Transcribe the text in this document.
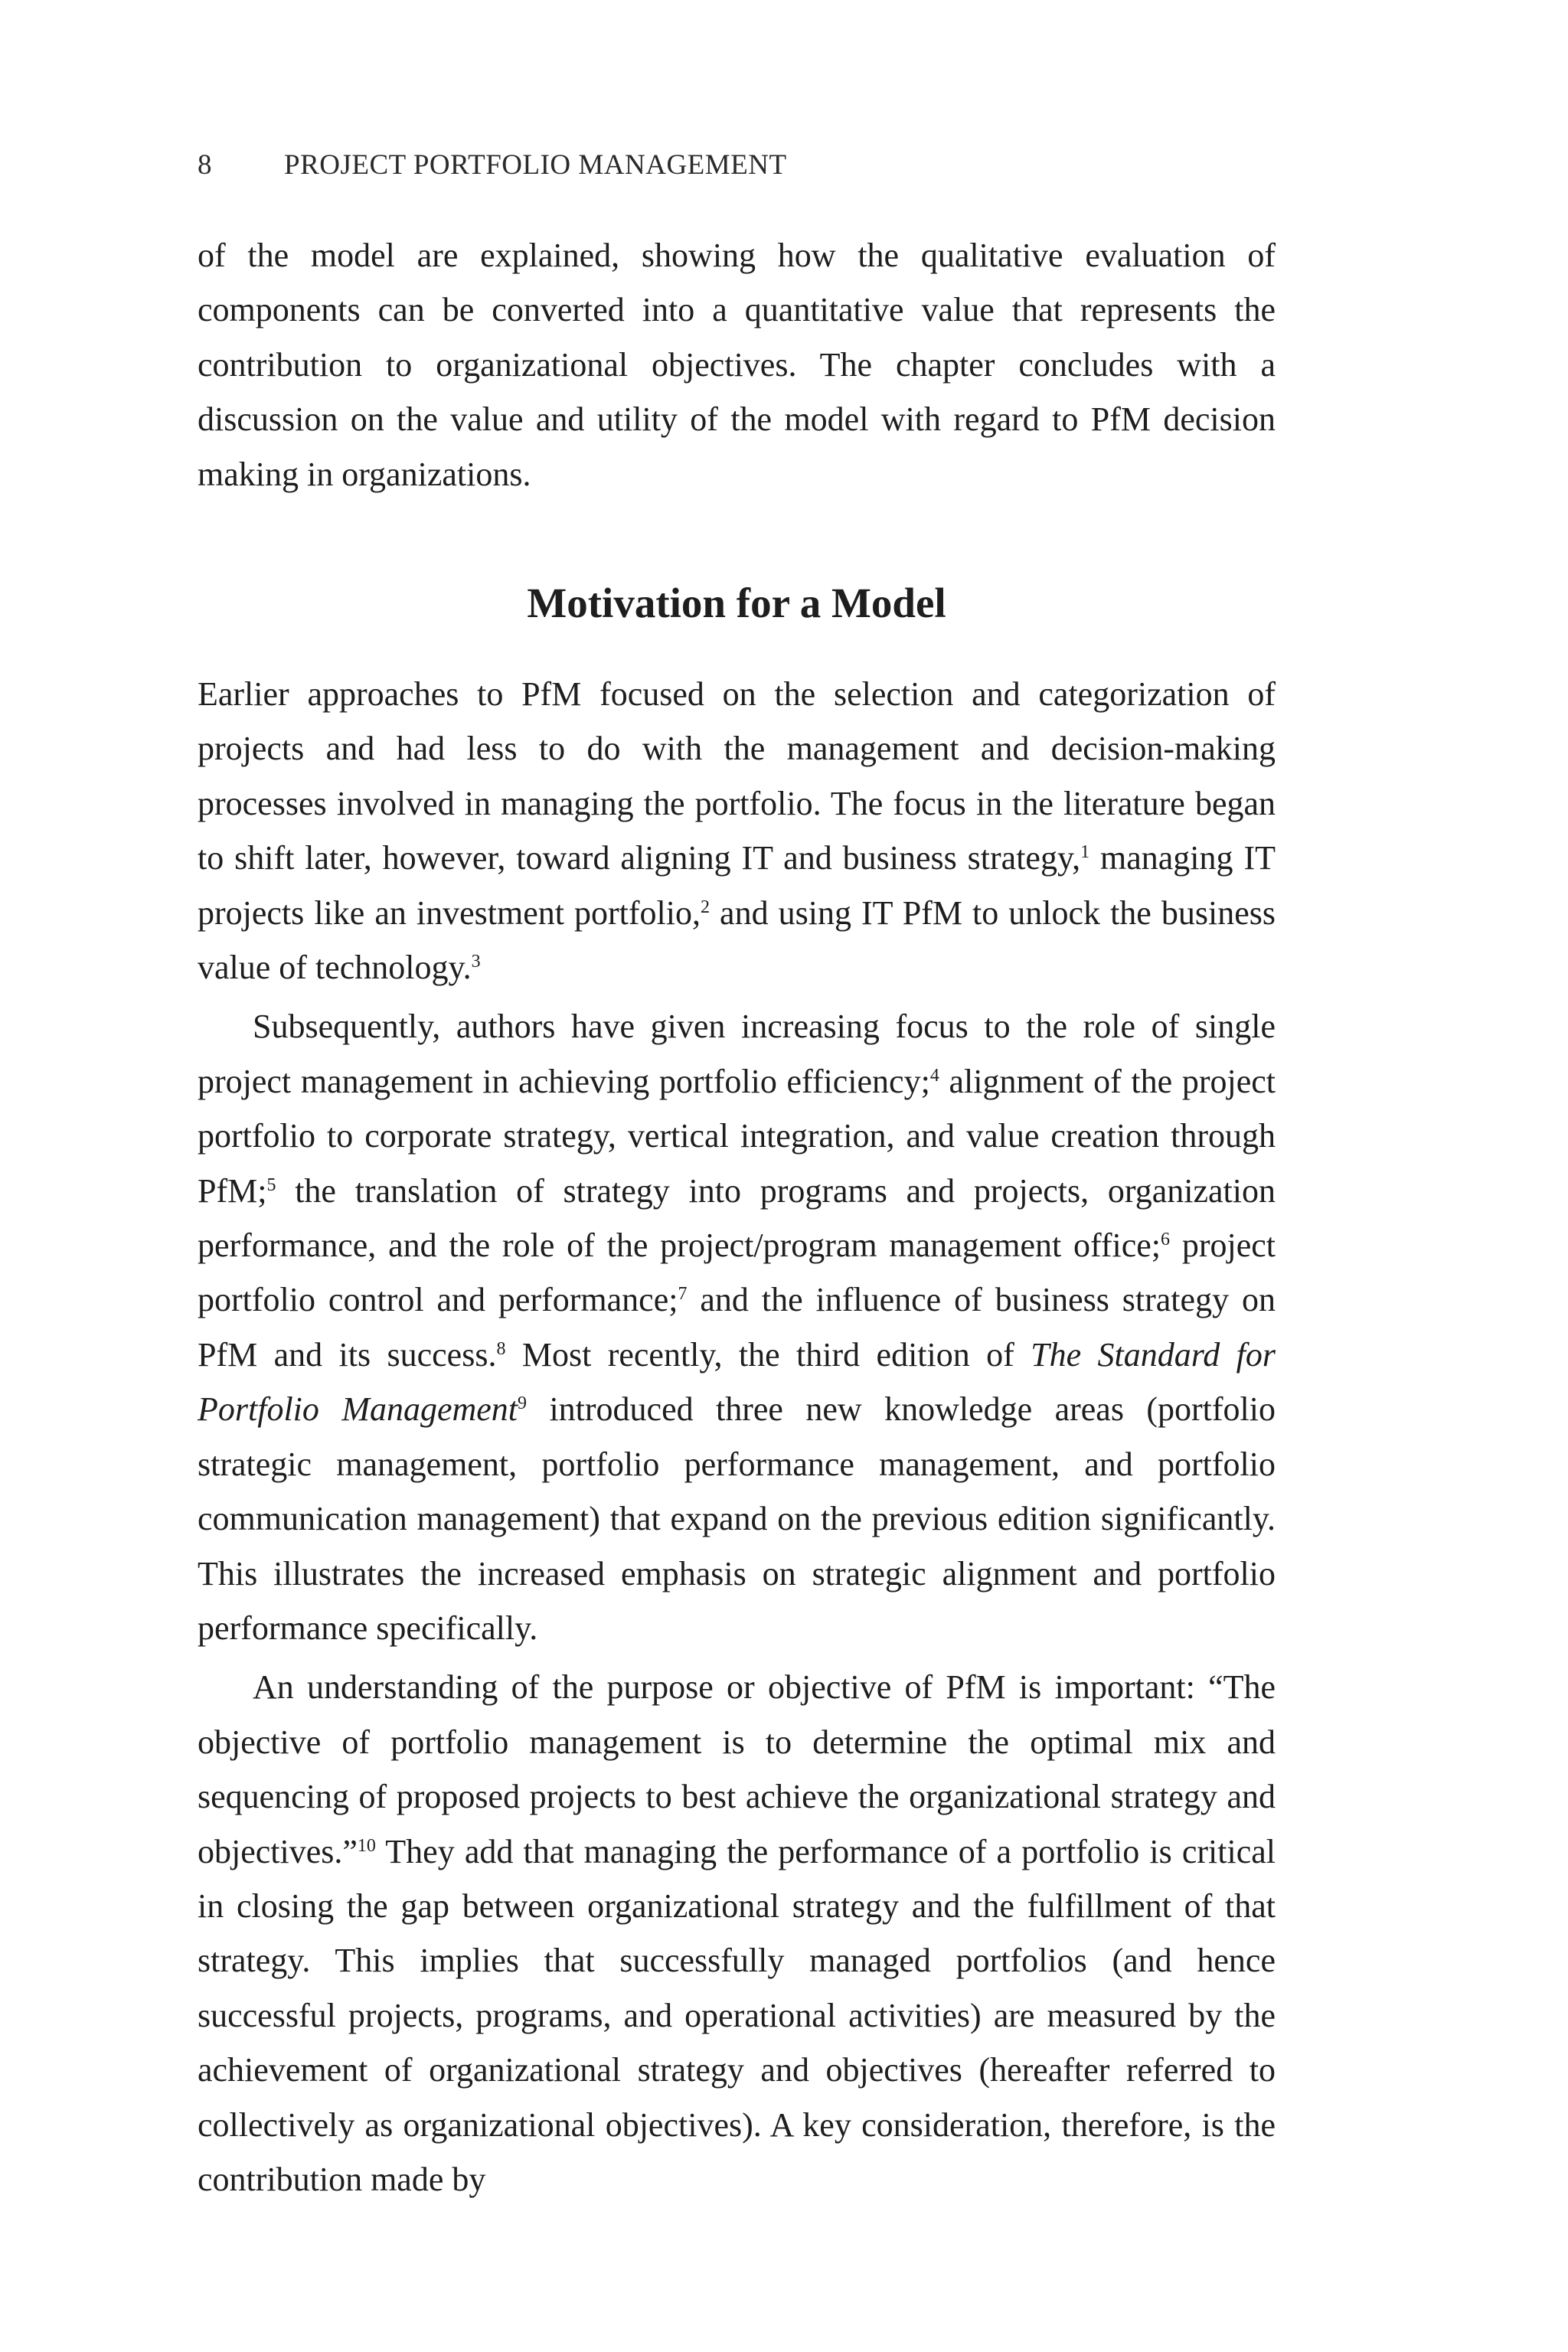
8	PROJECT PORTFOLIO MANAGEMENT
of the model are explained, showing how the qualitative evaluation of components can be converted into a quantitative value that represents the contribution to organizational objectives. The chapter concludes with a discussion on the value and utility of the model with regard to PfM decision making in organizations.
Motivation for a Model

Earlier approaches to PfM focused on the selection and categorization of projects and had less to do with the management and decision-making processes involved in managing the portfolio. The focus in the literature began to shift later, however, toward aligning IT and business strategy,$^1$ managing IT projects like an investment portfolio,$^2$ and using IT PfM to unlock the business value of technology.$^3$

Subsequently, authors have given increasing focus to the role of single project management in achieving portfolio efficiency;$^4$ alignment of the project portfolio to corporate strategy, vertical integration, and value creation through PfM;$^5$ the translation of strategy into programs and projects, organization performance, and the role of the project/program management office;$^6$ project portfolio control and performance;$^7$ and the influence of business strategy on PfM and its success.$^8$ Most recently, the third edition of The Standard for Portfolio Management$^9$ introduced three new knowledge areas (portfolio strategic management, portfolio performance management, and portfolio communication management) that expand on the previous edition significantly. This illustrates the increased emphasis on strategic alignment and portfolio performance specifically.

An understanding of the purpose or objective of PfM is important: “The objective of portfolio management is to determine the optimal mix and sequencing of proposed projects to best achieve the organizational strategy and objectives.”$^{10}$ They add that managing the performance of a portfolio is critical in closing the gap between organizational strategy and the fulfillment of that strategy. This implies that successfully managed portfolios (and hence successful projects, programs, and operational activities) are measured by the achievement of organizational strategy and objectives (hereafter referred to collectively as organizational objectives). A key consideration, therefore, is the contribution made by
